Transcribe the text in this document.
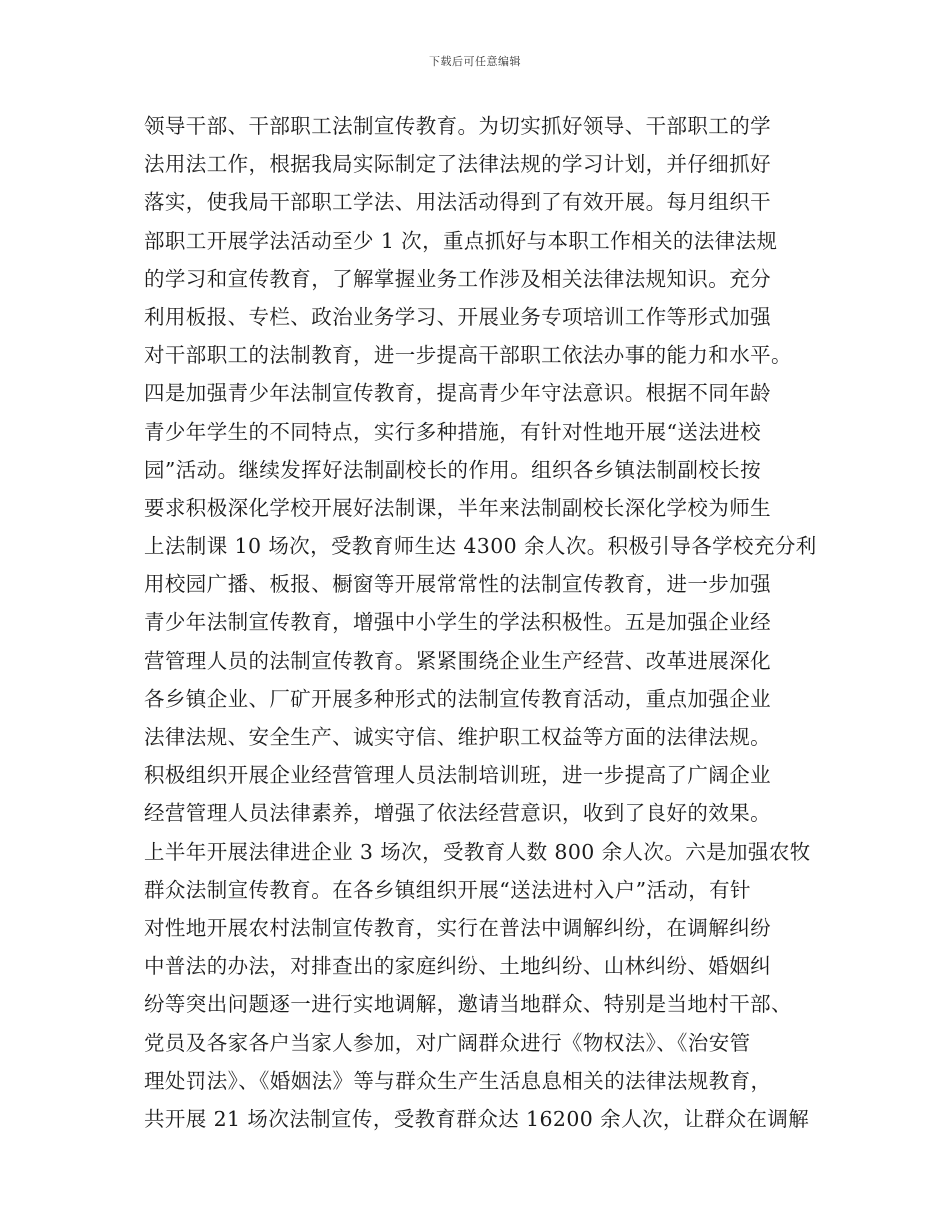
下载后可任意编辑
领导干部、干部职工法制宣传教育。为切实抓好领导、干部职工的学
法用法工作，根据我局实际制定了法律法规的学习计划，并仔细抓好
落实，使我局干部职工学法、用法活动得到了有效开展。每月组织干
部职工开展学法活动至少 1 次，重点抓好与本职工作相关的法律法规
的学习和宣传教育，了解掌握业务工作涉及相关法律法规知识。充分
利用板报、专栏、政治业务学习、开展业务专项培训工作等形式加强
对干部职工的法制教育，进一步提高干部职工依法办事的能力和水平。
四是加强青少年法制宣传教育，提高青少年守法意识。根据不同年龄
青少年学生的不同特点，实行多种措施，有针对性地开展“送法进校
园”活动。继续发挥好法制副校长的作用。组织各乡镇法制副校长按
要求积极深化学校开展好法制课，半年来法制副校长深化学校为师生
上法制课 10 场次，受教育师生达 4300 余人次。积极引导各学校充分利
用校园广播、板报、橱窗等开展常常性的法制宣传教育，进一步加强
青少年法制宣传教育，增强中小学生的学法积极性。五是加强企业经
营管理人员的法制宣传教育。紧紧围绕企业生产经营、改革进展深化
各乡镇企业、厂矿开展多种形式的法制宣传教育活动，重点加强企业
法律法规、安全生产、诚实守信、维护职工权益等方面的法律法规。
积极组织开展企业经营管理人员法制培训班，进一步提高了广阔企业
经营管理人员法律素养，增强了依法经营意识，收到了良好的效果。
上半年开展法律进企业 3 场次，受教育人数 800 余人次。六是加强农牧
群众法制宣传教育。在各乡镇组织开展“送法进村入户”活动，有针
对性地开展农村法制宣传教育，实行在普法中调解纠纷，在调解纠纷
中普法的办法，对排查出的家庭纠纷、土地纠纷、山林纠纷、婚姻纠
纷等突出问题逐一进行实地调解，邀请当地群众、特别是当地村干部、
党员及各家各户当家人参加，对广阔群众进行《物权法》、《治安管
理处罚法》、《婚姻法》等与群众生产生活息息相关的法律法规教育，
共开展 21 场次法制宣传，受教育群众达 16200 余人次，让群众在调解
